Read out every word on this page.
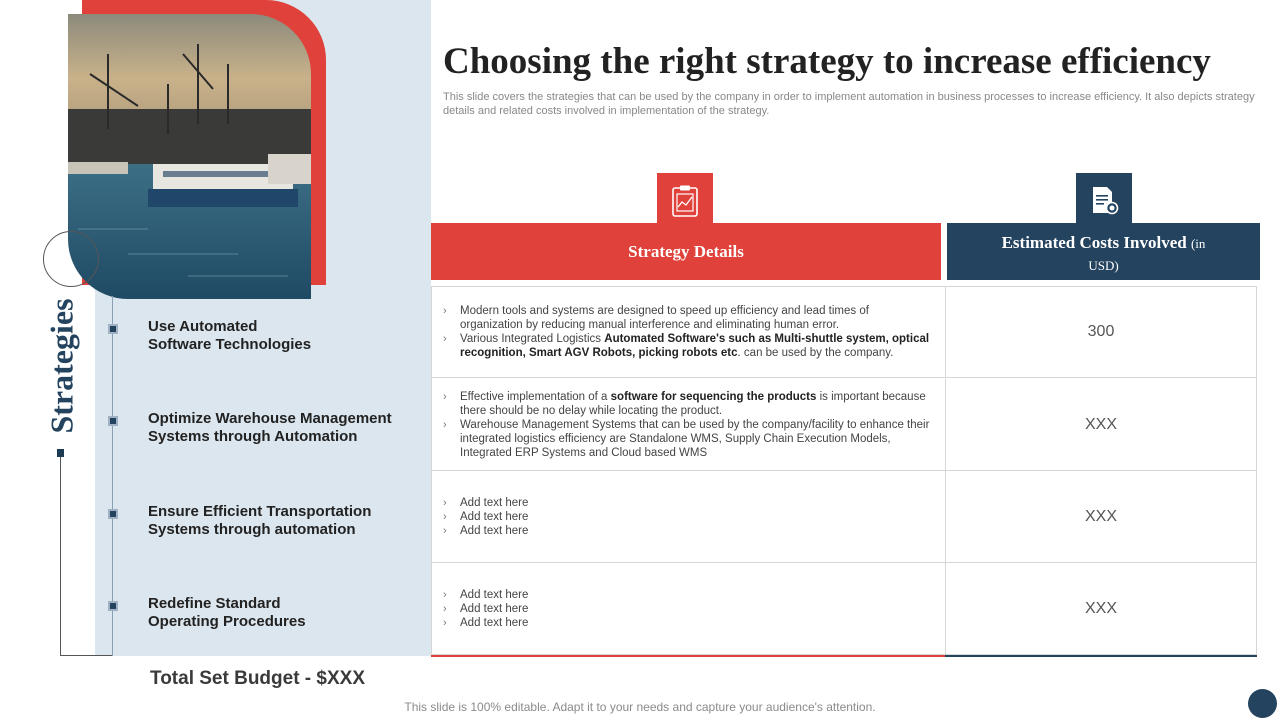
Strategies	Use Automated
Software Technologies
Optimize Warehouse Management
Systems through Automation
Ensure Efficient Transportation
Systems through automation
Redefine Standard
Operating Procedures
Total Set Budget - $XXX
Choosing the right strategy to increase efficiency

This slide covers the strategies that can be used by the company in order to implement automation in business processes to increase efficiency. It also depicts strategy details and related costs involved in implementation of the strategy.

Strategy Details	Estimated Costs Involved (in
USD)
› Modern tools and systems are designed to speed up efficiency and lead times of organization by reducing manual interference and eliminating human error.
› Various Integrated Logistics Automated Software's such as Multi-shuttle system, optical recognition, Smart AGV Robots, picking robots etc. can be used by the company.
300
› Effective implementation of a software for sequencing the products is important because there should be no delay while locating the product.
› Warehouse Management Systems that can be used by the company/facility to enhance their integrated logistics efficiency are Standalone WMS, Supply Chain Execution Models, Integrated ERP Systems and Cloud based WMS
XXX
› Add text here
› Add text here
› Add text here
XXX
› Add text here
› Add text here
› Add text here
XXX
This slide is 100% editable. Adapt it to your needs and capture your audience's attention.
